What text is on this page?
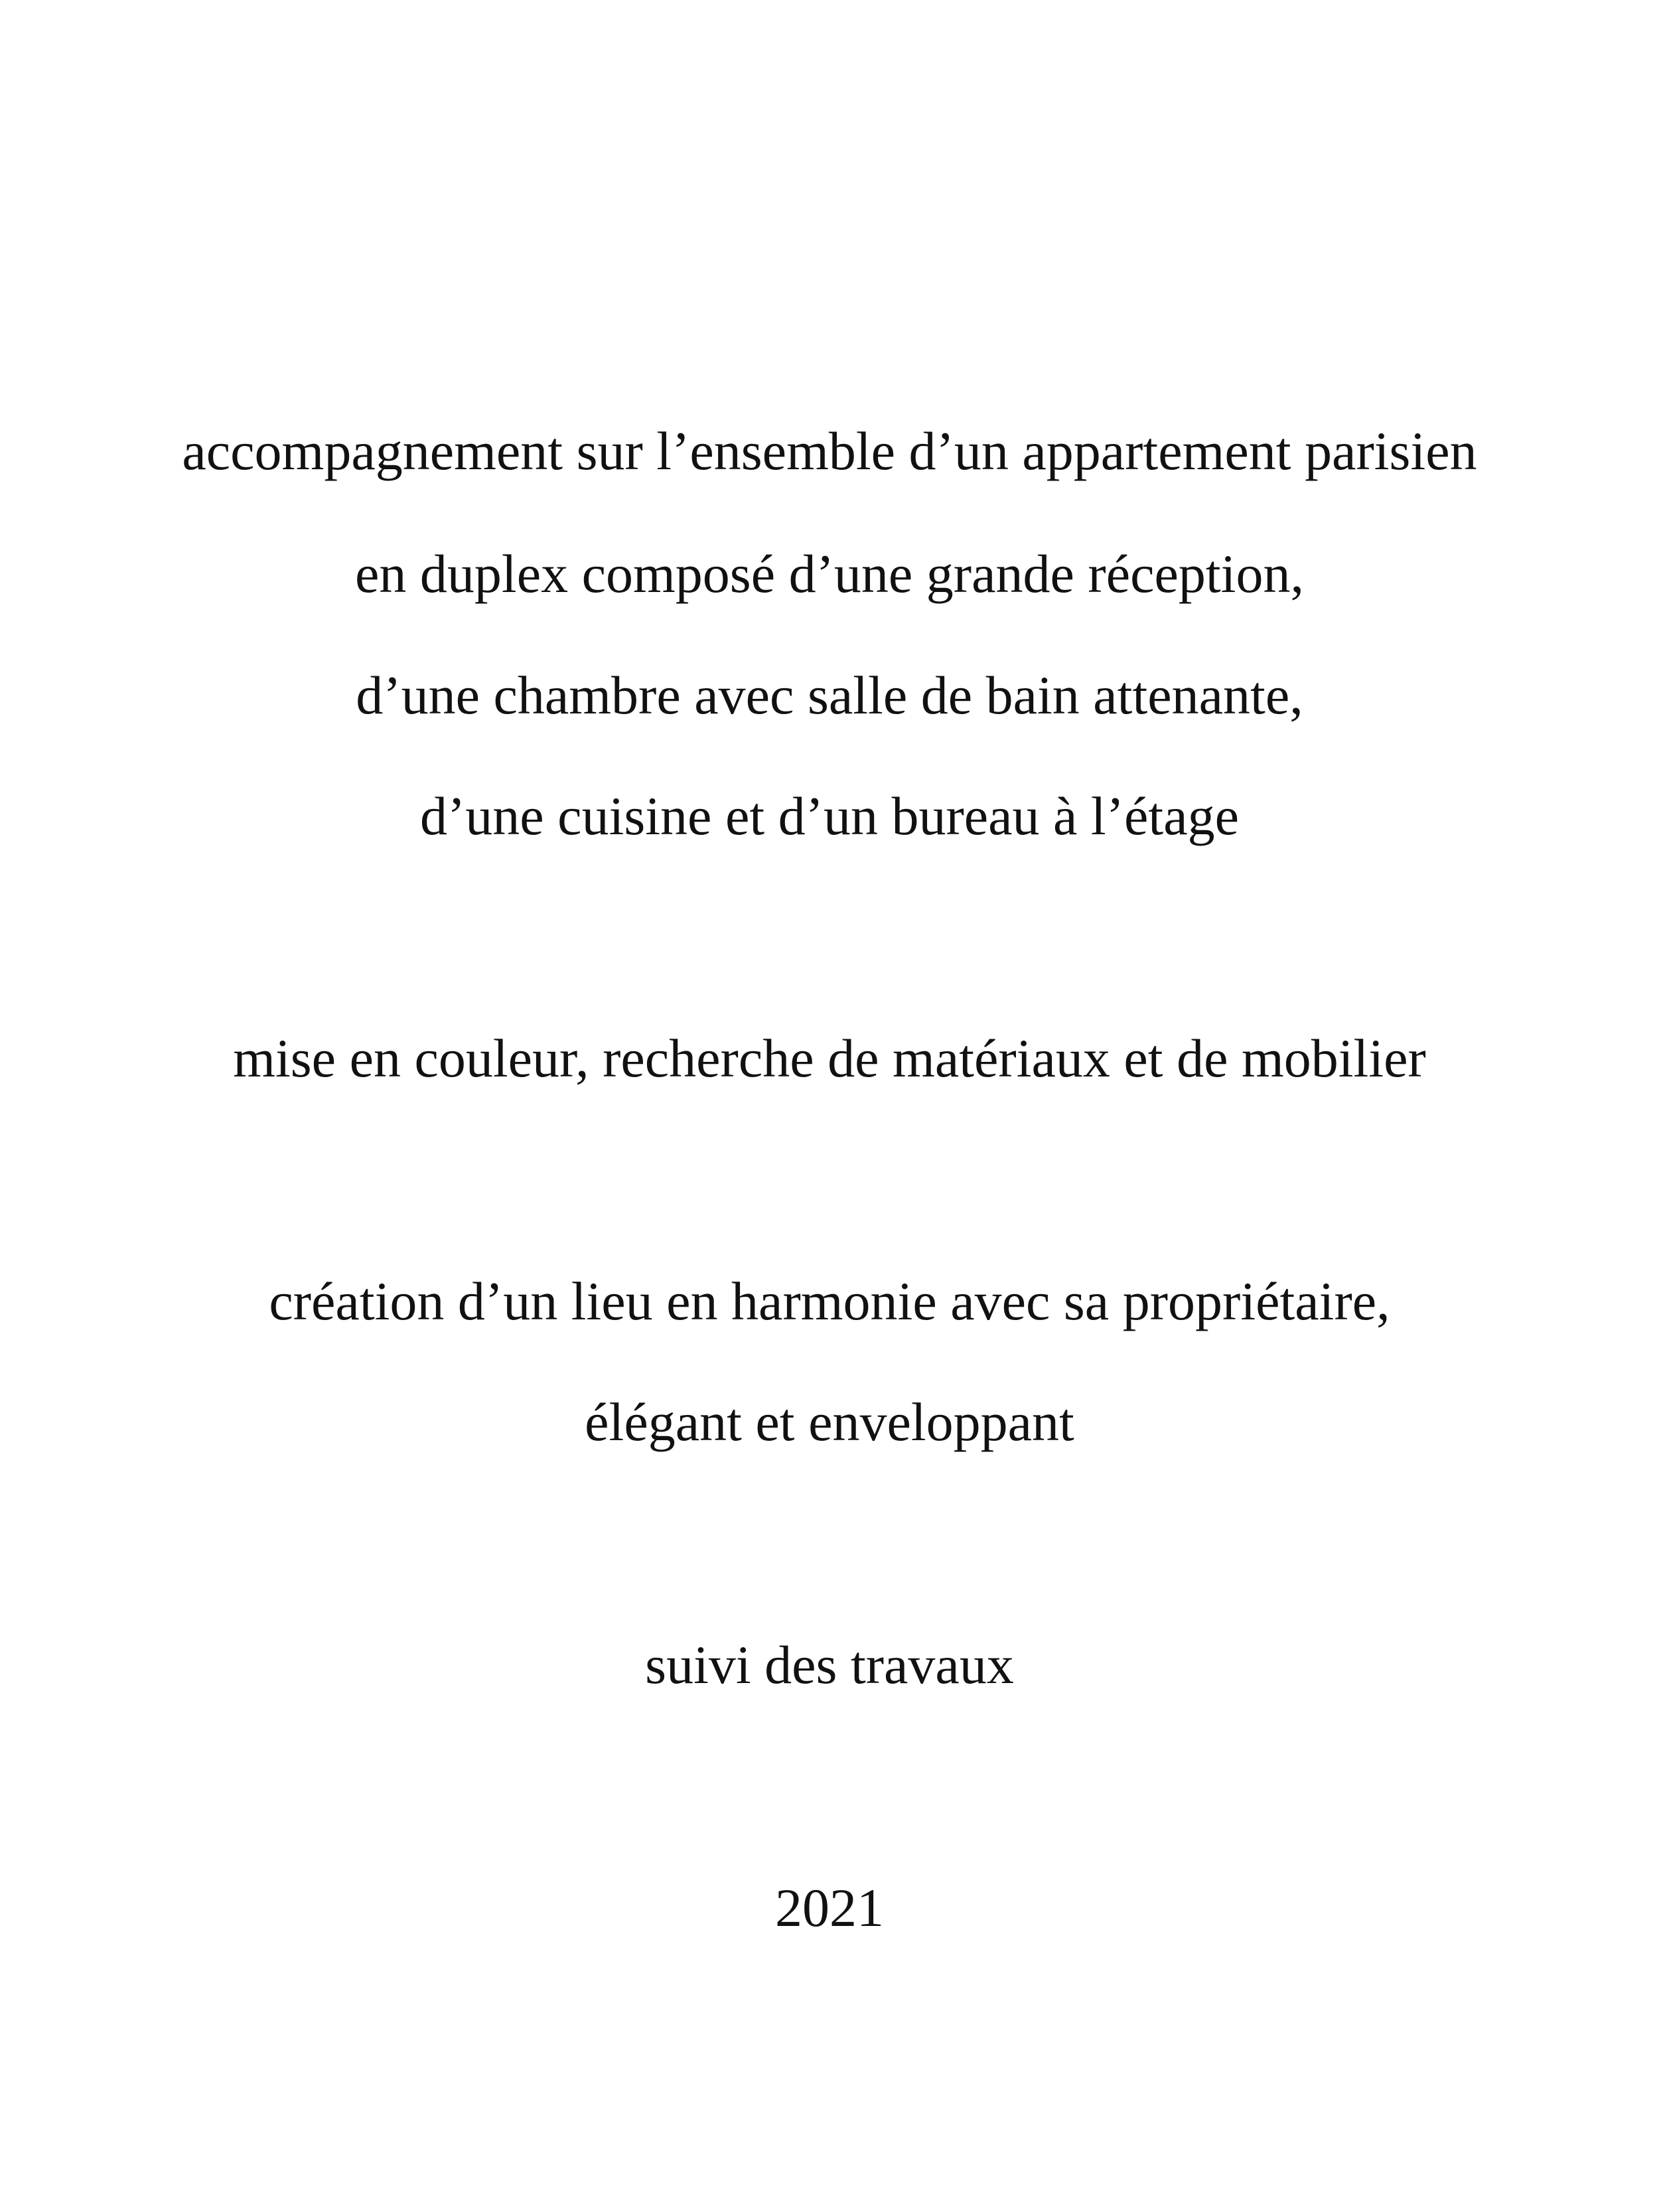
accompagnement sur l’ensemble d’un appartement parisien
en duplex composé d’une grande réception,
d’une chambre avec salle de bain attenante,
d’une cuisine et d’un bureau à l’étage
mise en couleur, recherche de matériaux et de mobilier
création d’un lieu en harmonie avec sa propriétaire,
élégant et enveloppant
suivi des travaux
2021
